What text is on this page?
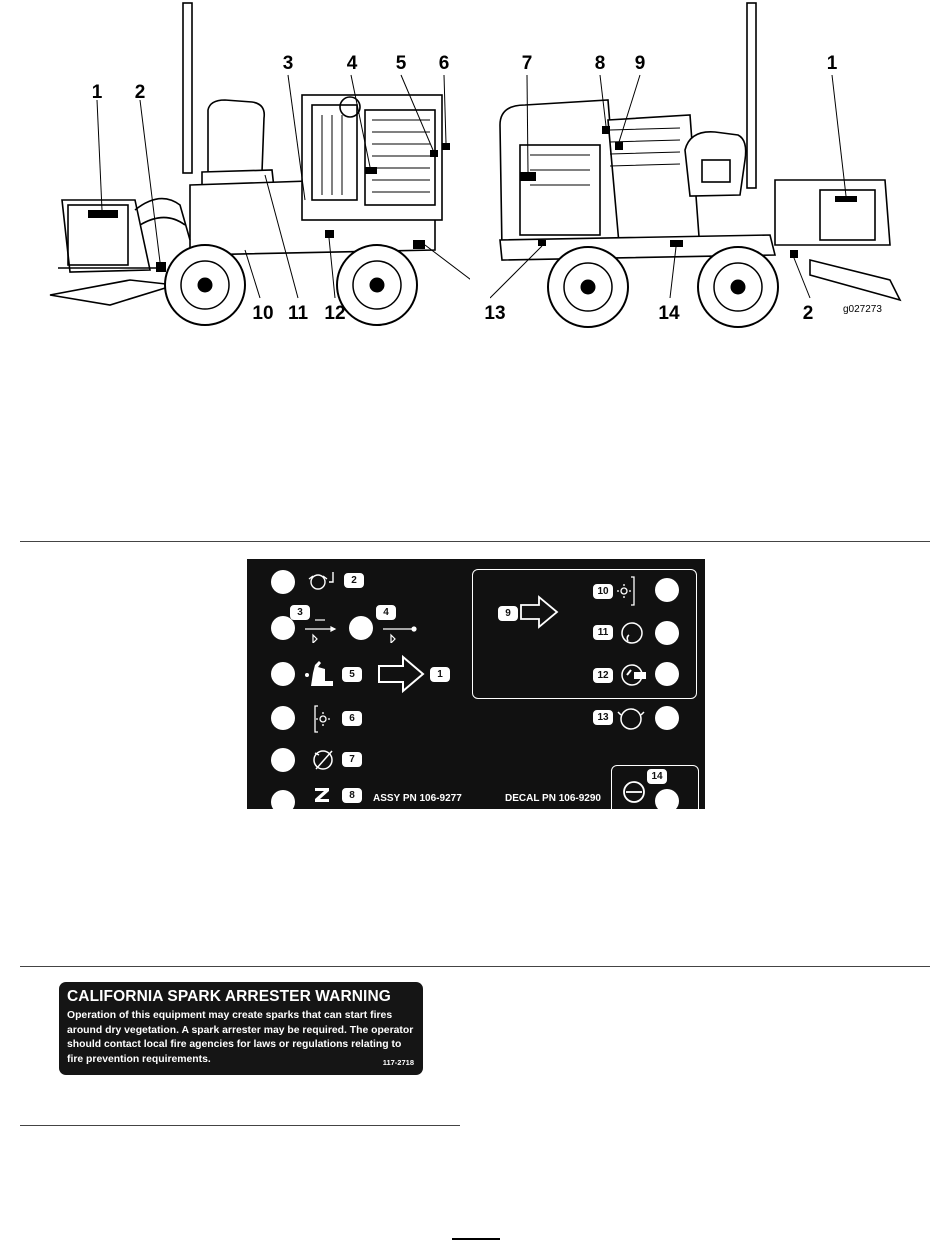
1 2
3	4 5 6
10 11 12	13
7	8 9	1
14	2	g027273
2
3	4
5	1
6
7
8
9
10
11
12
13
14
ASSY PN 106-9277	DECAL PN 106-9290
CALIFORNIA SPARK ARRESTER WARNING
Operation of this equipment may create sparks that can start fires around dry vegetation. A spark arrester may be required. The operator should contact local fire agencies for laws or regulations relating to fire prevention requirements.	117-2718
